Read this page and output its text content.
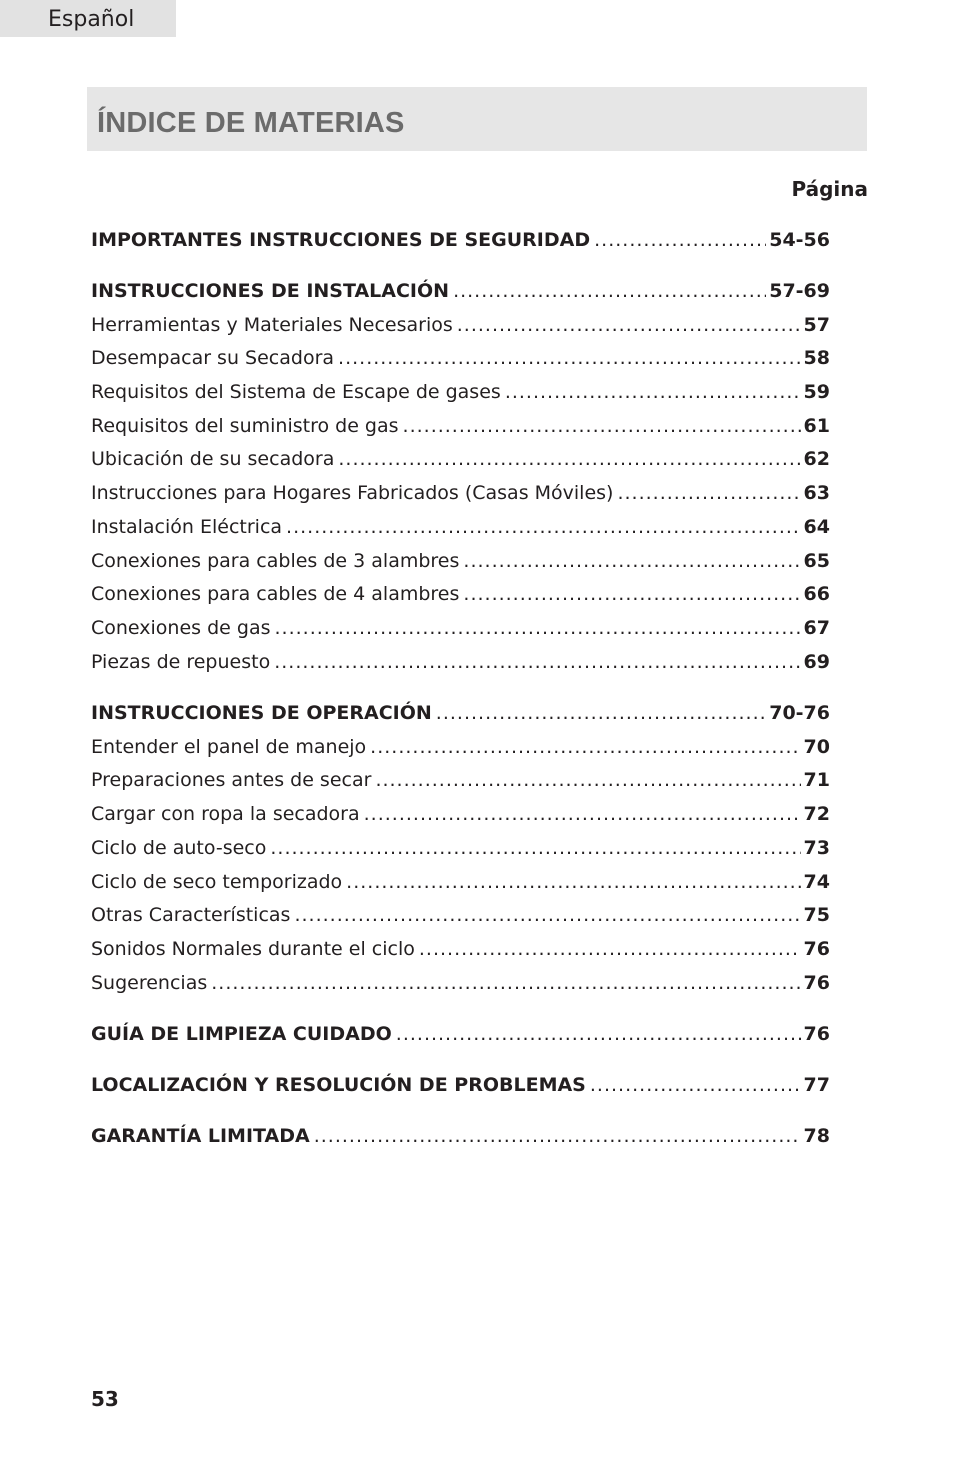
Español
ÍNDICE DE MATERIAS
Página
IMPORTANTES INSTRUCCIONES DE SEGURIDAD .....	54-56
INSTRUCCIONES DE INSTALACIÓN .....	57-69
Herramientas y Materiales Necesarios .....	57
Desempacar su Secadora .....	58
Requisitos del Sistema de Escape de gases .....	59
Requisitos del suministro de gas .....	61
Ubicación de su secadora .....	62
Instrucciones para Hogares Fabricados (Casas Móviles) .....	63
Instalación Eléctrica .....	64
Conexiones para cables de 3 alambres .....	65
Conexiones para cables de 4 alambres .....	66
Conexiones de gas .....	67
Piezas de repuesto .....	69
INSTRUCCIONES DE OPERACIÓN .....	70-76
Entender el panel de manejo .....	70
Preparaciones antes de secar .....	71
Cargar con ropa la secadora .....	72
Ciclo de auto-seco .....	73
Ciclo de seco temporizado .....	74
Otras Características .....	75
Sonidos Normales durante el ciclo .....	76
Sugerencias .....	76
GUÍA DE LIMPIEZA CUIDADO .....	76
LOCALIZACIÓN Y RESOLUCIÓN DE PROBLEMAS .....	77
GARANTÍA LIMITADA .....	78
53
